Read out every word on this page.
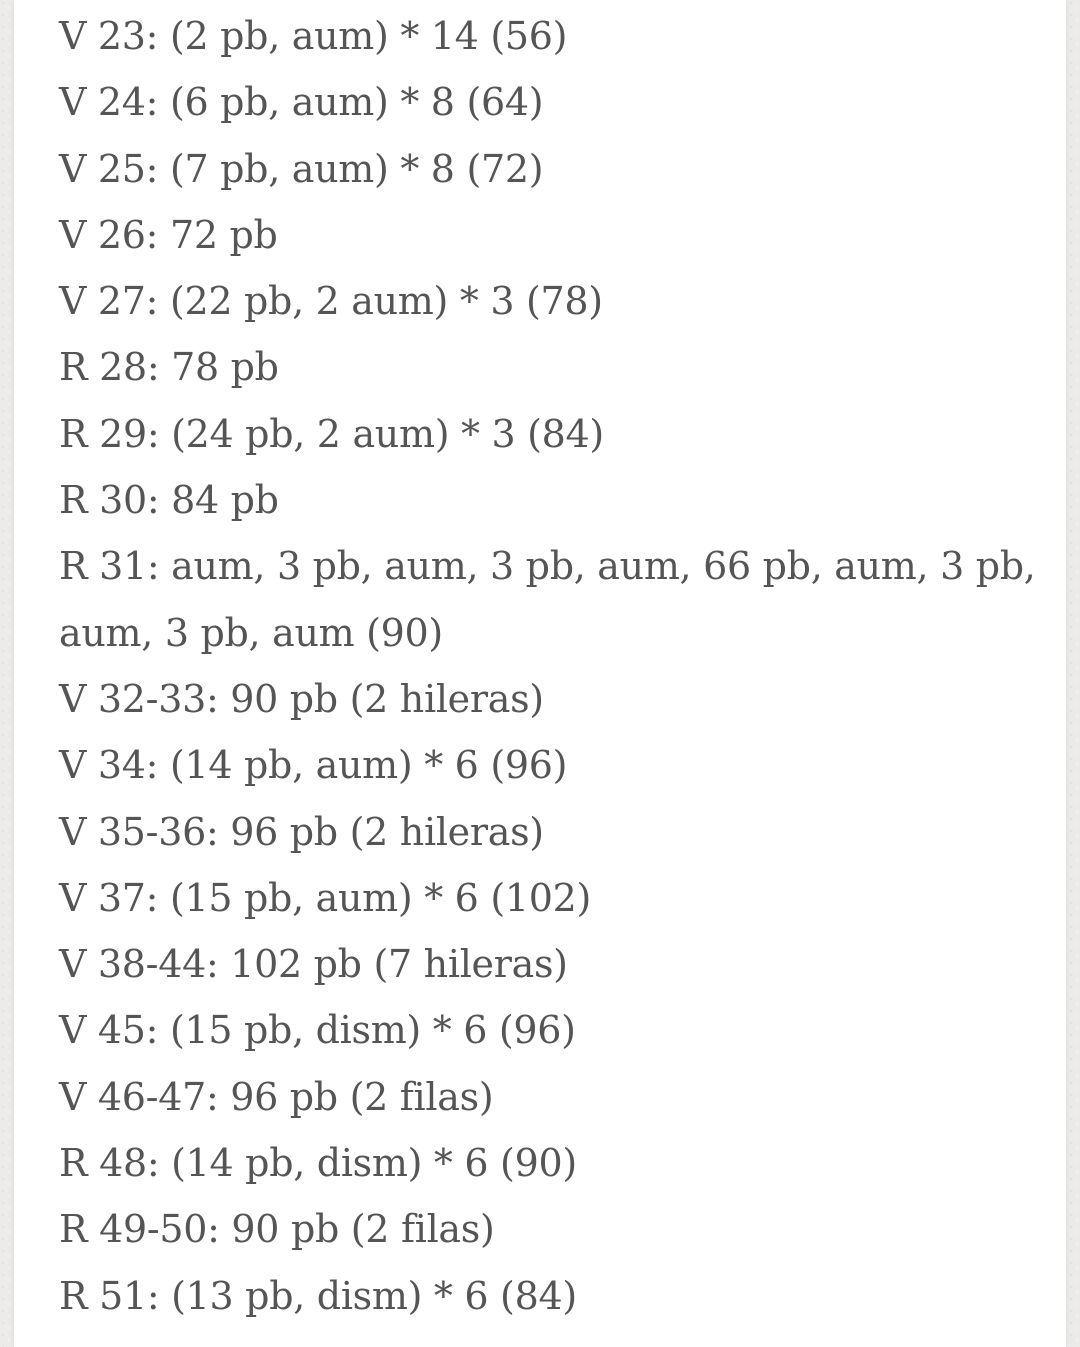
V 23: (2 pb, aum) * 14 (56)
V 24: (6 pb, aum) * 8 (64)
V 25: (7 pb, aum) * 8 (72)
V 26: 72 pb
V 27: (22 pb, 2 aum) * 3 (78)
R 28: 78 pb
R 29: (24 pb, 2 aum) * 3 (84)
R 30: 84 pb
R 31: aum, 3 pb, aum, 3 pb, aum, 66 pb, aum, 3 pb,
aum, 3 pb, aum (90)
V 32-33: 90 pb (2 hileras)
V 34: (14 pb, aum) * 6 (96)
V 35-36: 96 pb (2 hileras)
V 37: (15 pb, aum) * 6 (102)
V 38-44: 102 pb (7 hileras)
V 45: (15 pb, dism) * 6 (96)
V 46-47: 96 pb (2 filas)
R 48: (14 pb, dism) * 6 (90)
R 49-50: 90 pb (2 filas)
R 51: (13 pb, dism) * 6 (84)
